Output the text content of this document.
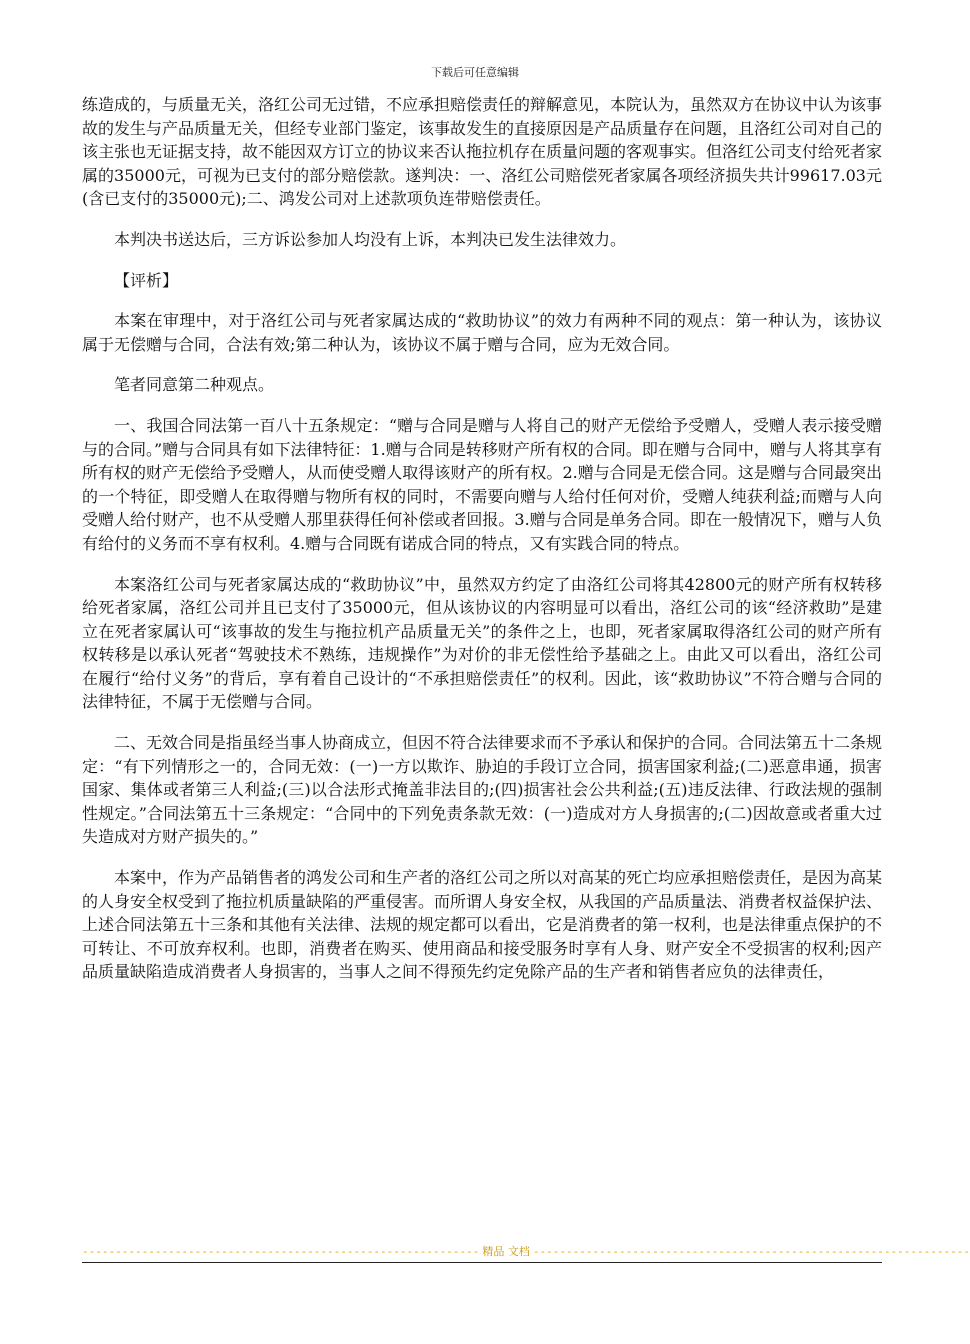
下载后可任意编辑

练造成的，与质量无关，洛红公司无过错，不应承担赔偿责任的辩解意见，本院认为，虽然双方在协议中认为该事故的发生与产品质量无关，但经专业部门鉴定，该事故发生的直接原因是产品质量存在问题，且洛红公司对自己的该主张也无证据支持，故不能因双方订立的协议来否认拖拉机存在质量问题的客观事实。但洛红公司支付给死者家属的35000元，可视为已支付的部分赔偿款。遂判决：一、洛红公司赔偿死者家属各项经济损失共计99617.03元(含已支付的35000元);二、鸿发公司对上述款项负连带赔偿责任。

本判决书送达后，三方诉讼参加人均没有上诉，本判决已发生法律效力。

【评析】

本案在审理中，对于洛红公司与死者家属达成的“救助协议”的效力有两种不同的观点：第一种认为，该协议属于无偿赠与合同，合法有效;第二种认为，该协议不属于赠与合同，应为无效合同。

笔者同意第二种观点。

一、我国合同法第一百八十五条规定：“赠与合同是赠与人将自己的财产无偿给予受赠人，受赠人表示接受赠与的合同。”赠与合同具有如下法律特征：1.赠与合同是转移财产所有权的合同。即在赠与合同中，赠与人将其享有所有权的财产无偿给予受赠人，从而使受赠人取得该财产的所有权。2.赠与合同是无偿合同。这是赠与合同最突出的一个特征，即受赠人在取得赠与物所有权的同时，不需要向赠与人给付任何对价，受赠人纯获利益;而赠与人向受赠人给付财产，也不从受赠人那里获得任何补偿或者回报。3.赠与合同是单务合同。即在一般情况下，赠与人负有给付的义务而不享有权利。4.赠与合同既有诺成合同的特点，又有实践合同的特点。

本案洛红公司与死者家属达成的“救助协议”中，虽然双方约定了由洛红公司将其42800元的财产所有权转移给死者家属，洛红公司并且已支付了35000元，但从该协议的内容明显可以看出，洛红公司的该“经济救助”是建立在死者家属认可“该事故的发生与拖拉机产品质量无关”的条件之上，也即，死者家属取得洛红公司的财产所有权转移是以承认死者“驾驶技术不熟练，违规操作”为对价的非无偿性给予基础之上。由此又可以看出，洛红公司在履行“给付义务”的背后，享有着自己设计的“不承担赔偿责任”的权利。因此，该“救助协议”不符合赠与合同的法律特征，不属于无偿赠与合同。

二、无效合同是指虽经当事人协商成立，但因不符合法律要求而不予承认和保护的合同。合同法第五十二条规定：“有下列情形之一的，合同无效：(一)一方以欺诈、胁迫的手段订立合同，损害国家利益;(二)恶意串通，损害国家、集体或者第三人利益;(三)以合法形式掩盖非法目的;(四)损害社会公共利益;(五)违反法律、行政法规的强制性规定。”合同法第五十三条规定：“合同中的下列免责条款无效：(一)造成对方人身损害的;(二)因故意或者重大过失造成对方财产损失的。”

本案中，作为产品销售者的鸿发公司和生产者的洛红公司之所以对高某的死亡均应承担赔偿责任，是因为高某的人身安全权受到了拖拉机质量缺陷的严重侵害。而所谓人身安全权，从我国的产品质量法、消费者权益保护法、上述合同法第五十三条和其他有关法律、法规的规定都可以看出，它是消费者的第一权利，也是法律重点保护的不可转让、不可放弃权利。也即，消费者在购买、使用商品和接受服务时享有人身、财产安全不受损害的权利;因产品质量缺陷造成消费者人身损害的，当事人之间不得预先约定免除产品的生产者和销售者应负的法律责任，

------------------------------------------------------------ 精品 文档 ------------------------------------------------------------------
